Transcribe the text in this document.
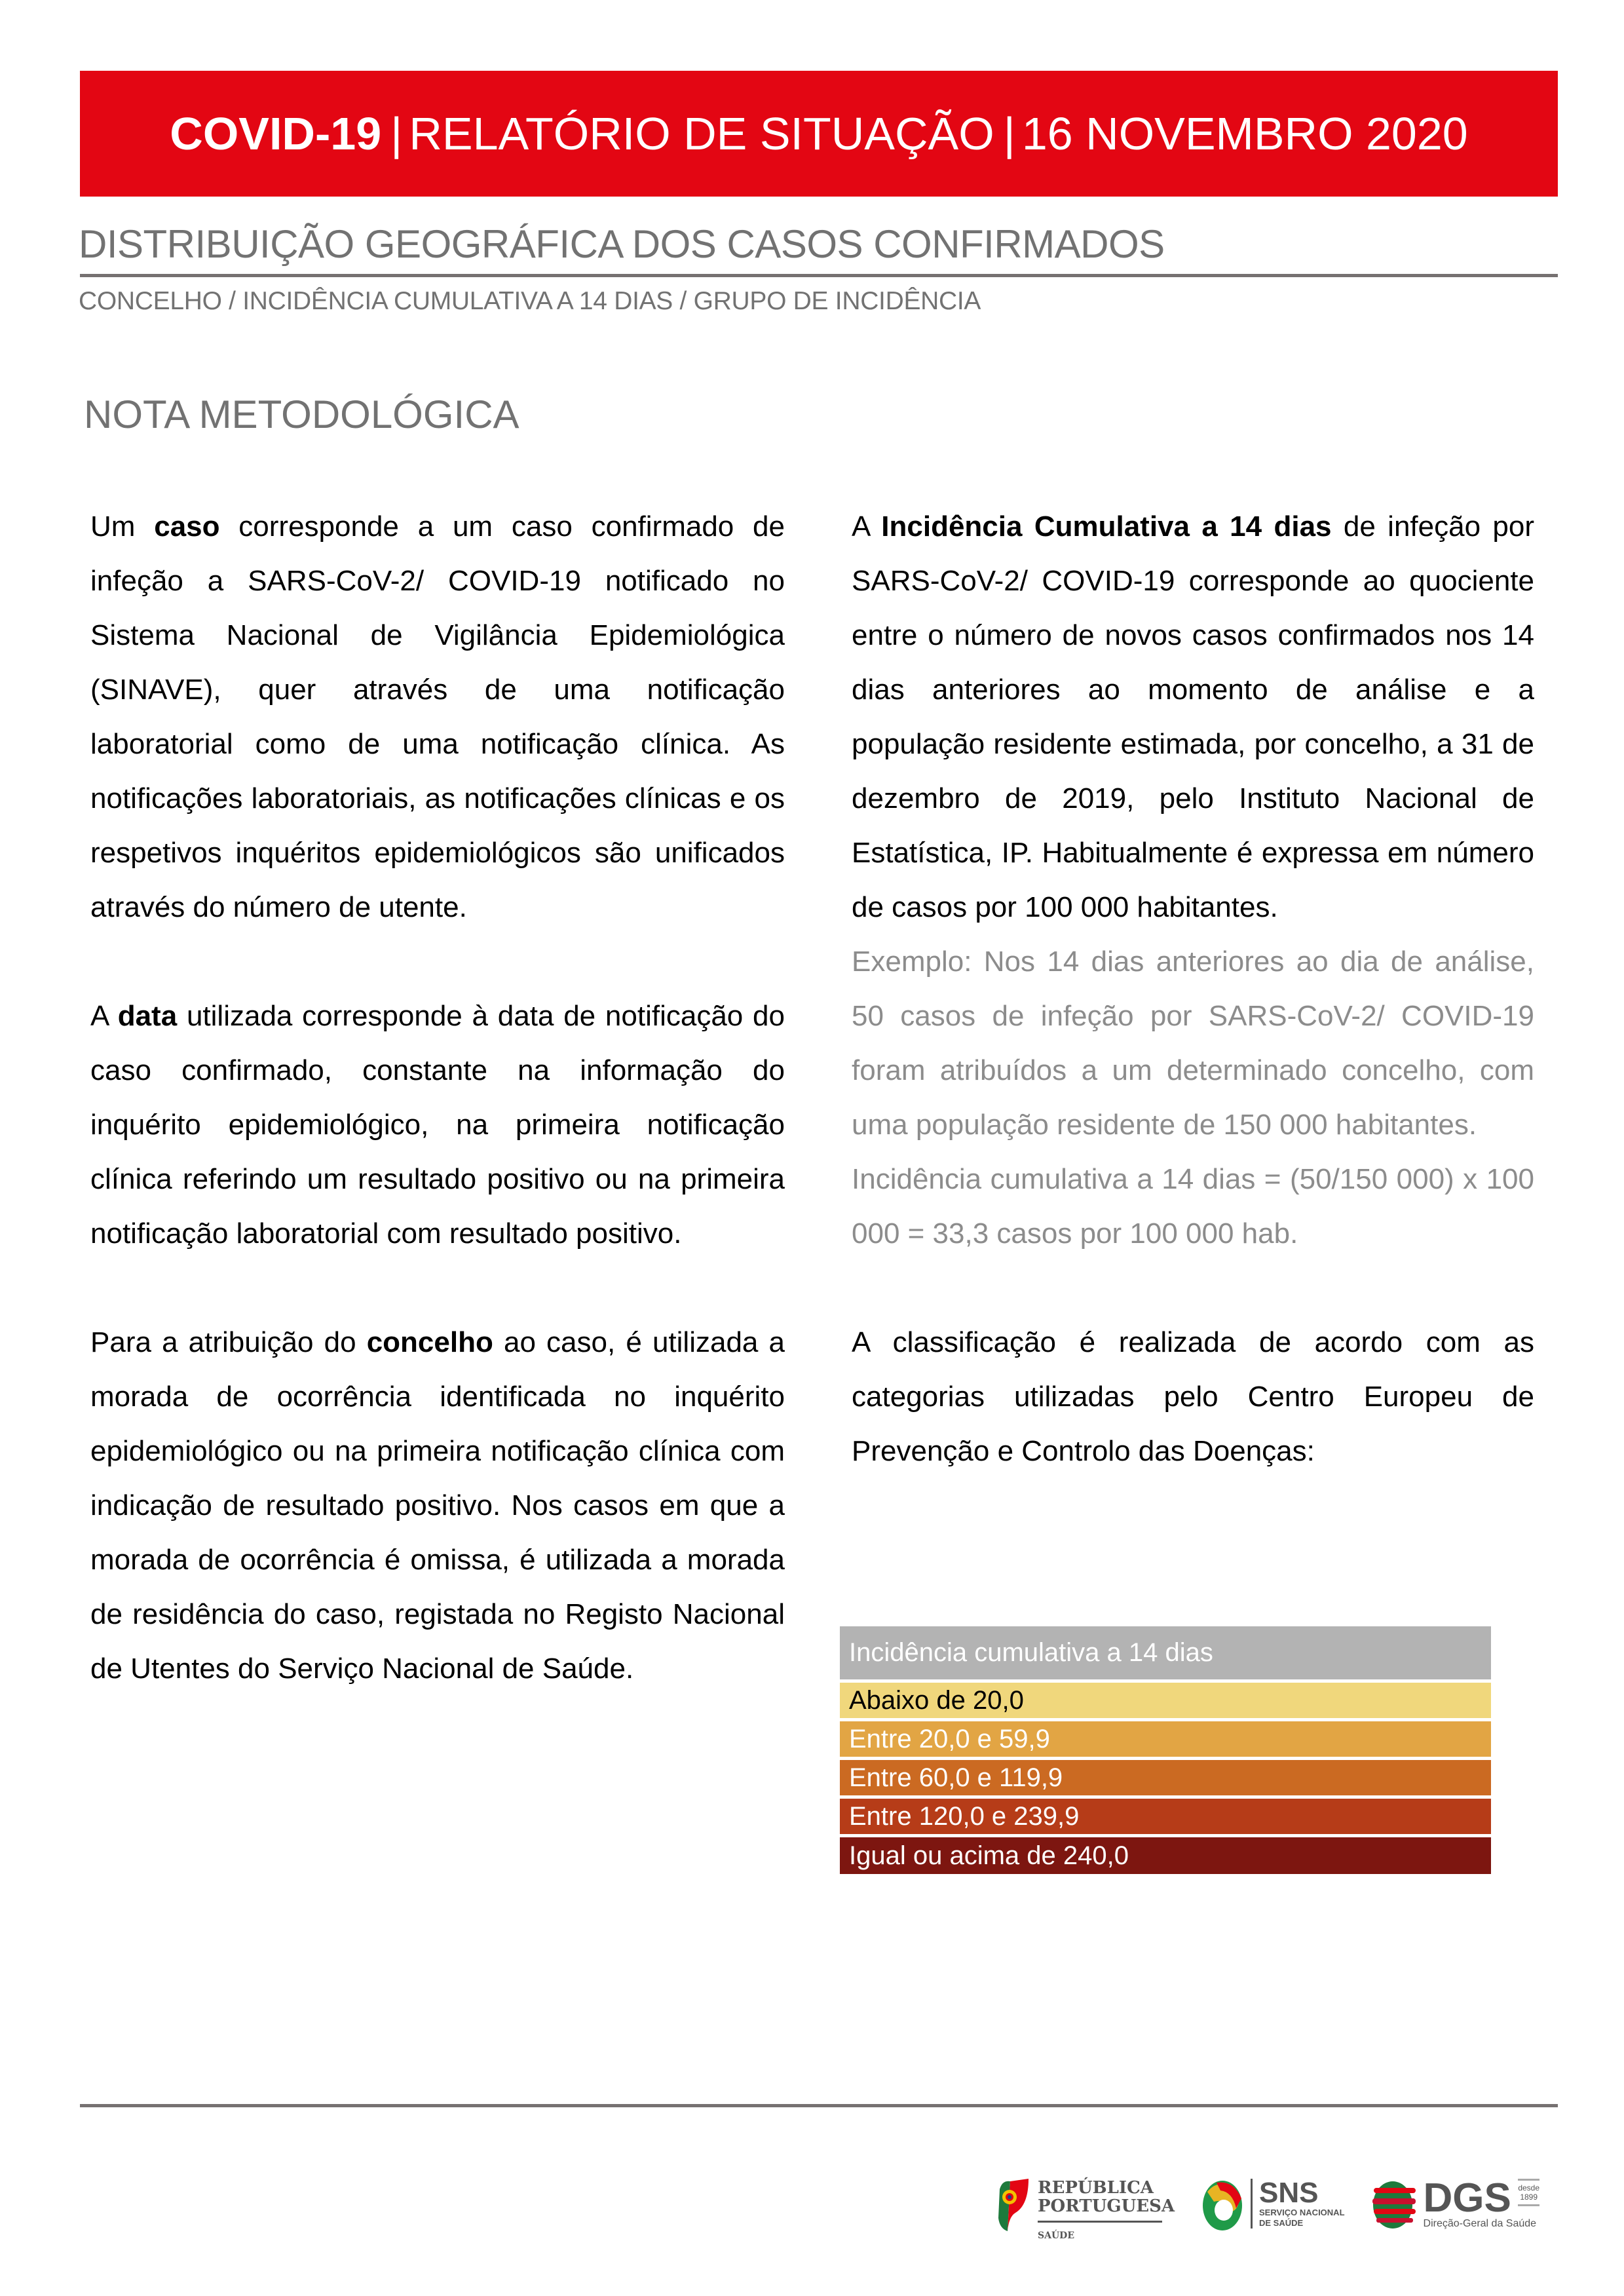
COVID-19 | RELATÓRIO DE SITUAÇÃO | 16 NOVEMBRO 2020
DISTRIBUIÇÃO GEOGRÁFICA DOS CASOS CONFIRMADOS
CONCELHO / INCIDÊNCIA CUMULATIVA A 14 DIAS / GRUPO DE INCIDÊNCIA
NOTA METODOLÓGICA

Um caso corresponde a um caso confirmado de infeção a SARS-CoV-2/ COVID-19 notificado no Sistema Nacional de Vigilância Epidemiológica (SINAVE), quer através de uma notificação laboratorial como de uma notificação clínica. As notificações laboratoriais, as notificações clínicas e os respetivos inquéritos epidemiológicos são unificados através do número de utente.

A data utilizada corresponde à data de notificação do caso confirmado, constante na informação do inquérito epidemiológico, na primeira notificação clínica referindo um resultado positivo ou na primeira notificação laboratorial com resultado positivo.

Para a atribuição do concelho ao caso, é utilizada a morada de ocorrência identificada no inquérito epidemiológico ou na primeira notificação clínica com indicação de resultado positivo. Nos casos em que a morada de ocorrência é omissa, é utilizada a morada de residência do caso, registada no Registo Nacional de Utentes do Serviço Nacional de Saúde.

A Incidência Cumulativa a 14 dias de infeção por SARS-CoV-2/ COVID-19 corresponde ao quociente entre o número de novos casos confirmados nos 14 dias anteriores ao momento de análise e a população residente estimada, por concelho, a 31 de dezembro de 2019, pelo Instituto Nacional de Estatística, IP. Habitualmente é expressa em número de casos por 100 000 habitantes.

Exemplo: Nos 14 dias anteriores ao dia de análise, 50 casos de infeção por SARS-CoV-2/ COVID-19 foram atribuídos a um determinado concelho, com uma população residente de 150 000 habitantes.

Incidência cumulativa a 14 dias = (50/150 000) x 100 000 = 33,3 casos por 100 000 hab.

A classificação é realizada de acordo com as categorias utilizadas pelo Centro Europeu de Prevenção e Controlo das Doenças:

Incidência cumulativa a 14 dias
Abaixo de 20,0
Entre 20,0 e 59,9
Entre 60,0 e 119,9
Entre 120,0 e 239,9
Igual ou acima de 240,0
REPÚBLICA
PORTUGUESA
SAÚDE
SNS
SERVIÇO NACIONAL
DE SAÚDE
DGS desde
1899
Direção-Geral da Saúde
